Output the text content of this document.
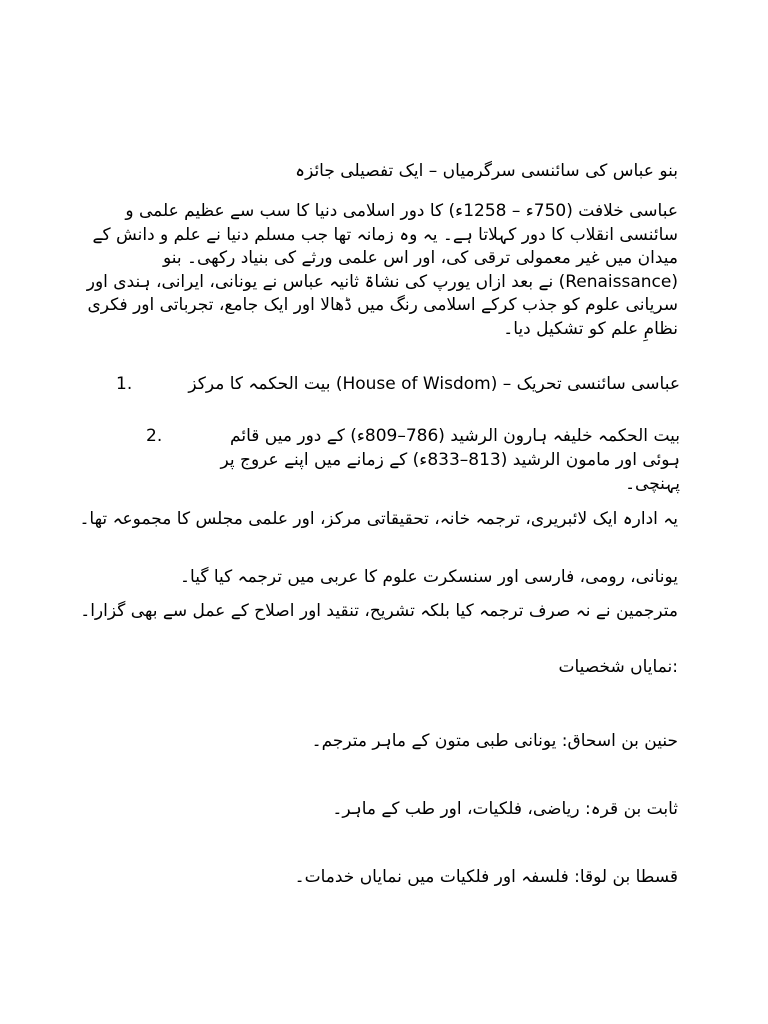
بنو عباس کی سائنسی سرگرمیاں – ایک تفصیلی جائزہ
عباسی خلافت (750ء – 1258ء) کا دور اسلامی دنیا کا سب سے عظیم علمی و سائنسی انقلاب کا دور کہلاتا ہے۔ یہ وہ زمانہ تھا جب مسلم دنیا نے علم و دانش کے میدان میں غیر معمولی ترقی کی، اور اس علمی ورثے کی بنیاد رکھی۔ بنو (Renaissance) نے بعد ازاں یورپ کی نشاۃ ثانیہ عباس نے یونانی، ایرانی، ہندی اور سریانی علوم کو جذب کرکے اسلامی رنگ میں ڈھالا اور ایک جامع، تجرباتی اور فکری نظامِ علم کو تشکیل دیا۔
1.	عباسی سائنسی تحریک – (House of Wisdom) بیت الحکمہ کا مرکز
2.	بیت الحکمہ خلیفہ ہارون الرشید (786–809ء) کے دور میں قائم ہوئی اور مامون الرشید (813–833ء) کے زمانے میں اپنے عروج پر پہنچی۔
یہ ادارہ ایک لائبریری، ترجمہ خانہ، تحقیقاتی مرکز، اور علمی مجلس کا مجموعہ تھا۔
یونانی، رومی، فارسی اور سنسکرت علوم کا عربی میں ترجمہ کیا گیا۔
مترجمین نے نہ صرف ترجمہ کیا بلکہ تشریح، تنقید اور اصلاح کے عمل سے بھی گزارا۔
:نمایاں شخصیات
حنین بن اسحاق: یونانی طبی متون کے ماہر مترجم۔
ثابت بن قرہ: ریاضی، فلکیات، اور طب کے ماہر۔
قسطا بن لوقا: فلسفہ اور فلکیات میں نمایاں خدمات۔
